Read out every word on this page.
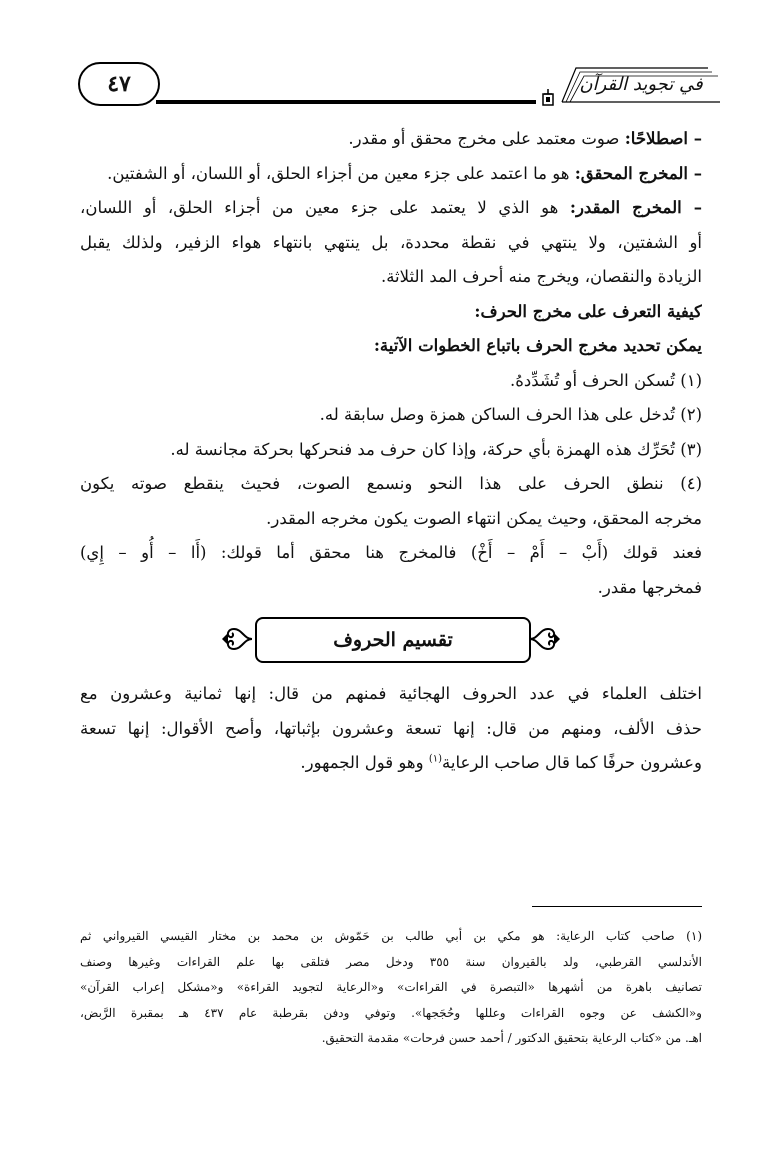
٤٧	في تجويد القرآن
– اصطلاحًا: صوت معتمد على مخرج محقق أو مقدر.
– المخرج المحقق: هو ما اعتمد على جزء معين من أجزاء الحلق، أو اللسان، أو الشفتين.
– المخرج المقدر: هو الذي لا يعتمد على جزء معين من أجزاء الحلق، أو اللسان،
أو الشفتين، ولا ينتهي في نقطة محددة، بل ينتهي بانتهاء هواء الزفير، ولذلك يقبل
الزيادة والنقصان، ويخرج منه أحرف المد الثلاثة.
كيفية التعرف على مخرج الحرف:
يمكن تحديد مخرج الحرف باتباع الخطوات الآتية:
(١) تُسكن الحرف أو تُشَدِّدهُ.
(٢) تُدخل على هذا الحرف الساكن همزة وصل سابقة له.
(٣) تُحَرِّك هذه الهمزة بأي حركة، وإذا كان حرف مد فنحركها بحركة مجانسة له.
(٤) ننطق الحرف على هذا النحو ونسمع الصوت، فحيث ينقطع صوته يكون
مخرجه المحقق، وحيث يمكن انتهاء الصوت يكون مخرجه المقدر.
فعند قولك (أَبْ – أَمْ – أَخْ) فالمخرج هنا محقق أما قولك: (أَا – أُو – إِي)
فمخرجها مقدر.
تقسيم الحروف
اختلف العلماء في عدد الحروف الهجائية فمنهم من قال: إنها ثمانية وعشرون مع
حذف الألف، ومنهم من قال: إنها تسعة وعشرون بإثباتها، وأصح الأقوال: إنها تسعة
وعشرون حرفًا كما قال صاحب الرعاية$^{(١)}$ وهو قول الجمهور.
(١) صاحب كتاب الرعاية: هو مكي بن أبي طالب بن حَمّوش بن محمد بن مختار القيسي القيرواني ثم
الأندلسي القرطبي، ولد بالقيروان سنة ٣٥٥ ودخل مصر فتلقى بها علم القراءات وغيرها وصنف
تصانيف باهرة من أشهرها «التبصرة في القراءات» و«الرعاية لتجويد القراءة» و«مشكل إعراب القرآن»
و«الكشف عن وجوه القراءات وعللها وحُجَجها». وتوفي ودفن بقرطبة عام ٤٣٧ هـ بمقبرة الرَّبض،
اهـ. من «كتاب الرعاية بتحقيق الدكتور / أحمد حسن فرحات» مقدمة التحقيق.
